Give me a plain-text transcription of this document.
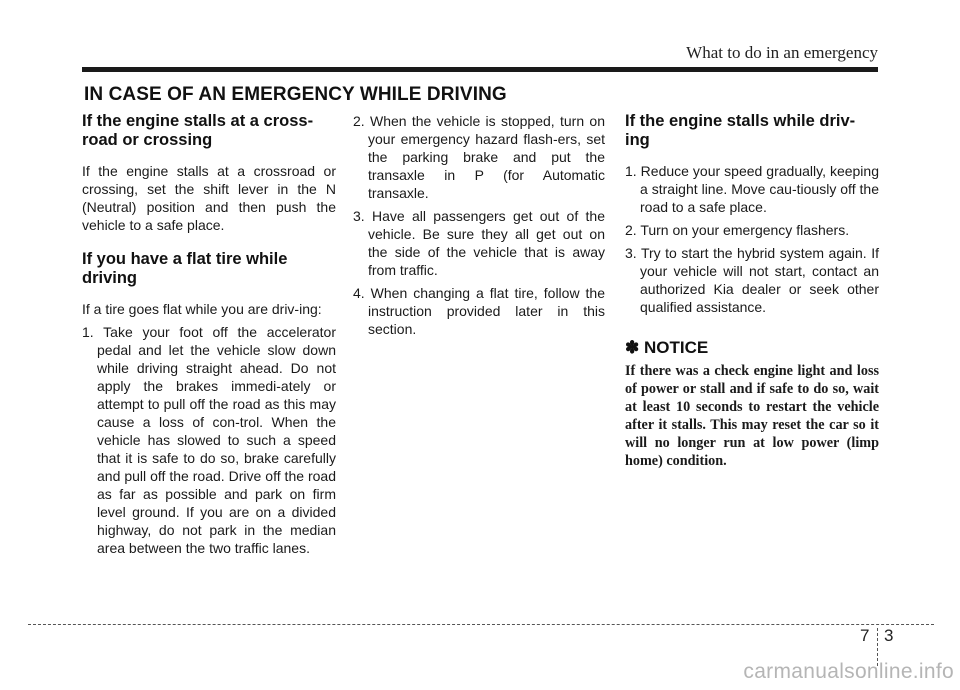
What to do in an emergency
IN CASE OF AN EMERGENCY WHILE DRIVING
If the engine stalls at a cross-road or crossing

If the engine stalls at a crossroad or crossing, set the shift lever in the N (Neutral) position and then push the vehicle to a safe place.

If you have a flat tire while driving

If a tire goes flat while you are driv-ing:

1. Take your foot off the accelerator pedal and let the vehicle slow down while driving straight ahead. Do not apply the brakes immedi-ately or attempt to pull off the road as this may cause a loss of con-trol. When the vehicle has slowed to such a speed that it is safe to do so, brake carefully and pull off the road. Drive off the road as far as possible and park on firm level ground. If you are on a divided highway, do not park in the median area between the two traffic lanes.
2. When the vehicle is stopped, turn on your emergency hazard flash-ers, set the parking brake and put the transaxle in P (for Automatic transaxle.
3. Have all passengers get out of the vehicle. Be sure they all get out on the side of the vehicle that is away from traffic.
4. When changing a flat tire, follow the instruction provided later in this section.
If the engine stalls while driv-ing
1. Reduce your speed gradually, keeping a straight line. Move cau-tiously off the road to a safe place.
2. Turn on your emergency flashers.
3. Try to start the hybrid system again. If your vehicle will not start, contact an authorized Kia dealer or seek other qualified assistance.
✽ NOTICE
If there was a check engine light and loss of power or stall and if safe to do so, wait at least 10 seconds to restart the vehicle after it stalls. This may reset the car so it will no longer run at low power (limp home) condition.
7 3
carmanualsonline.info
